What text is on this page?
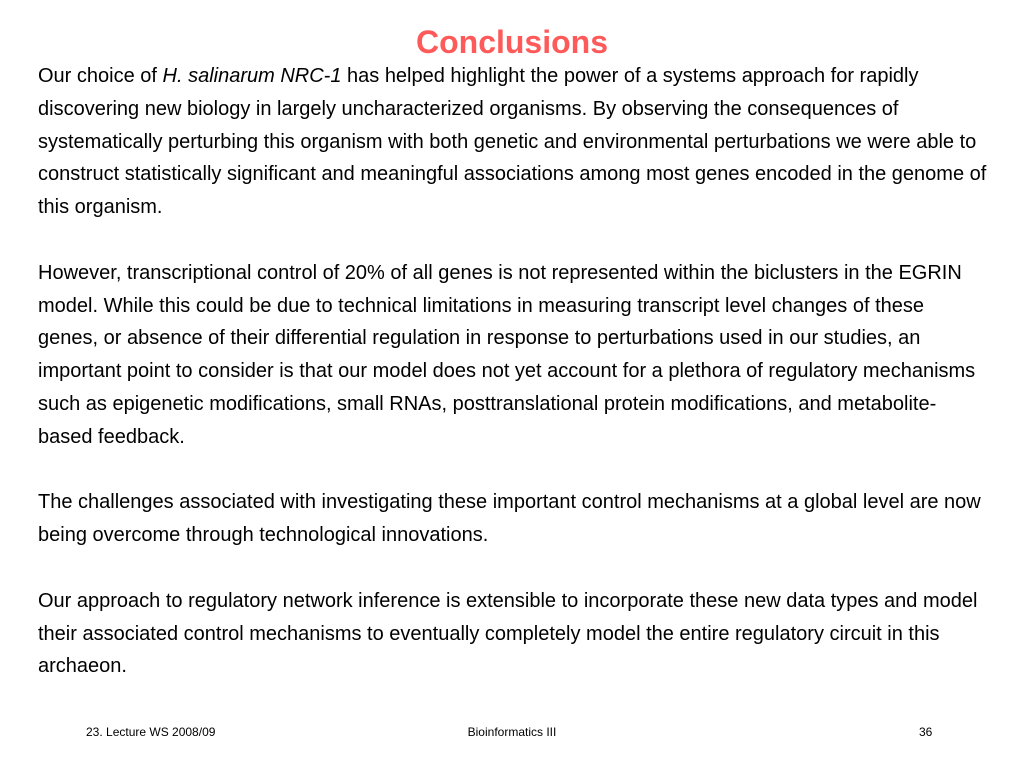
Conclusions

Our choice of H. salinarum NRC-1 has helped highlight the power of a systems approach for rapidly discovering new biology in largely uncharacterized organisms. By observing the consequences of systematically perturbing this organism with both genetic and environmental perturbations we were able to construct statistically significant and meaningful associations among most genes encoded in the genome of this organism.

However, transcriptional control of 20% of all genes is not represented within the biclusters in the EGRIN model. While this could be due to technical limitations in measuring transcript level changes of these genes, or absence of their differential regulation in response to perturbations used in our studies, an important point to consider is that our model does not yet account for a plethora of regulatory mechanisms such as epigenetic modifications, small RNAs, posttranslational protein modifications, and metabolite-based feedback.

The challenges associated with investigating these important control mechanisms at a global level are now being overcome through technological innovations.

Our approach to regulatory network inference is extensible to incorporate these new data types and model their associated control mechanisms to eventually completely model the entire regulatory circuit in this archaeon.

23. Lecture WS 2008/09	Bioinformatics III	36
